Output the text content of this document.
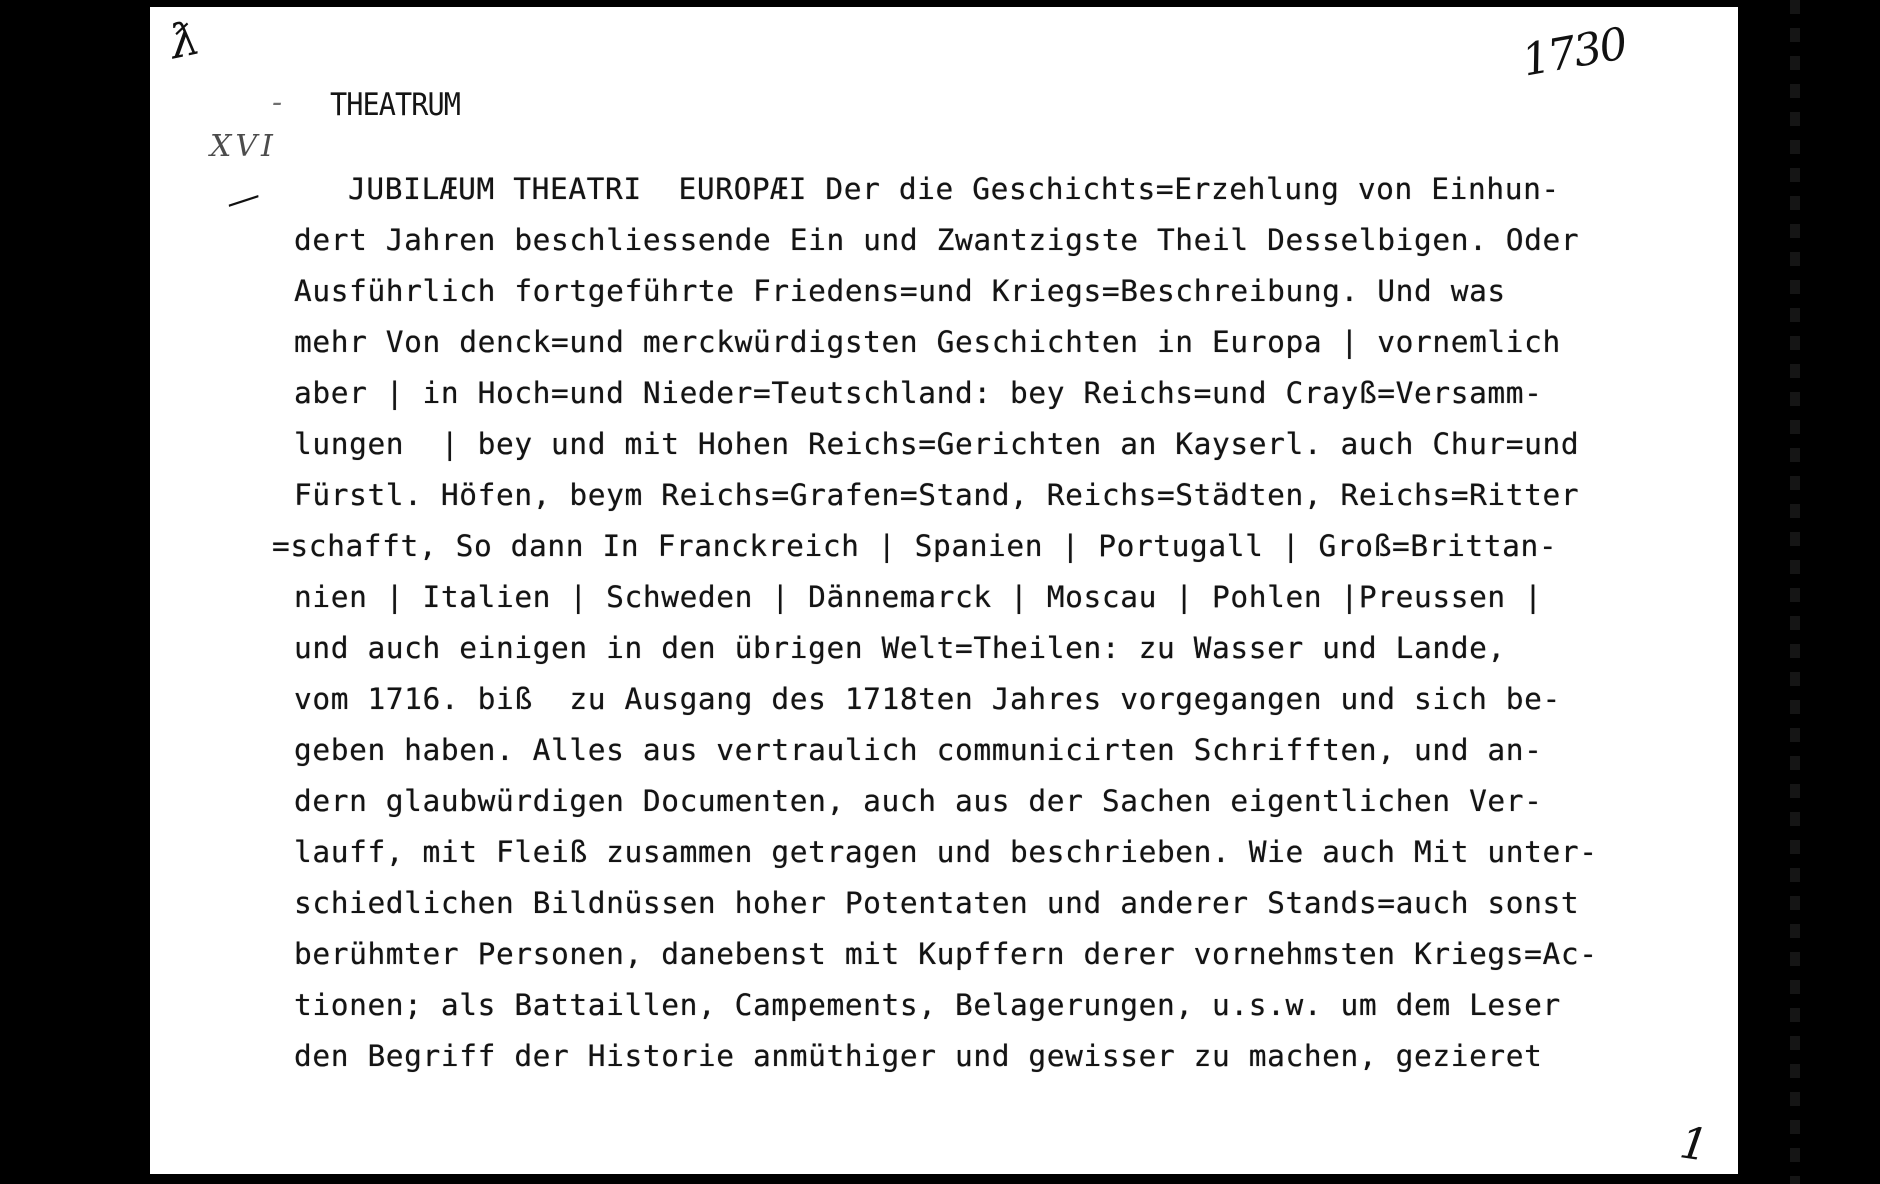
ƛ	1730
XVI
-
—
1
THEATRUM
JUBILÆUM THEATRI  EUROPÆI Der die Geschichts=Erzehlung von Einhun-
dert Jahren beschliessende Ein und Zwantzigste Theil Desselbigen. Oder
Ausführlich fortgeführte Friedens=und Kriegs=Beschreibung. Und was
mehr Von denck=und merckwürdigsten Geschichten in Europa | vornemlich
aber | in Hoch=und Nieder=Teutschland: bey Reichs=und Crayß=Versamm-
lungen  | bey und mit Hohen Reichs=Gerichten an Kayserl. auch Chur=und
Fürstl. Höfen, beym Reichs=Grafen=Stand, Reichs=Städten, Reichs=Ritter
=schafft, So dann In Franckreich | Spanien | Portugall | Groß=Brittan-
nien | Italien | Schweden | Dännemarck | Moscau | Pohlen |Preussen |
und auch einigen in den übrigen Welt=Theilen: zu Wasser und Lande,
vom 1716. biß  zu Ausgang des 1718ten Jahres vorgegangen und sich be-
geben haben. Alles aus vertraulich communicirten Schrifften, und an-
dern glaubwürdigen Documenten, auch aus der Sachen eigentlichen Ver-
lauff, mit Fleiß zusammen getragen und beschrieben. Wie auch Mit unter-
schiedlichen Bildnüssen hoher Potentaten und anderer Stands=auch sonst
berühmter Personen, danebenst mit Kupffern derer vornehmsten Kriegs=Ac-
tionen; als Battaillen, Campements, Belagerungen, u.s.w. um dem Leser
den Begriff der Historie anmüthiger und gewisser zu machen, gezieret
